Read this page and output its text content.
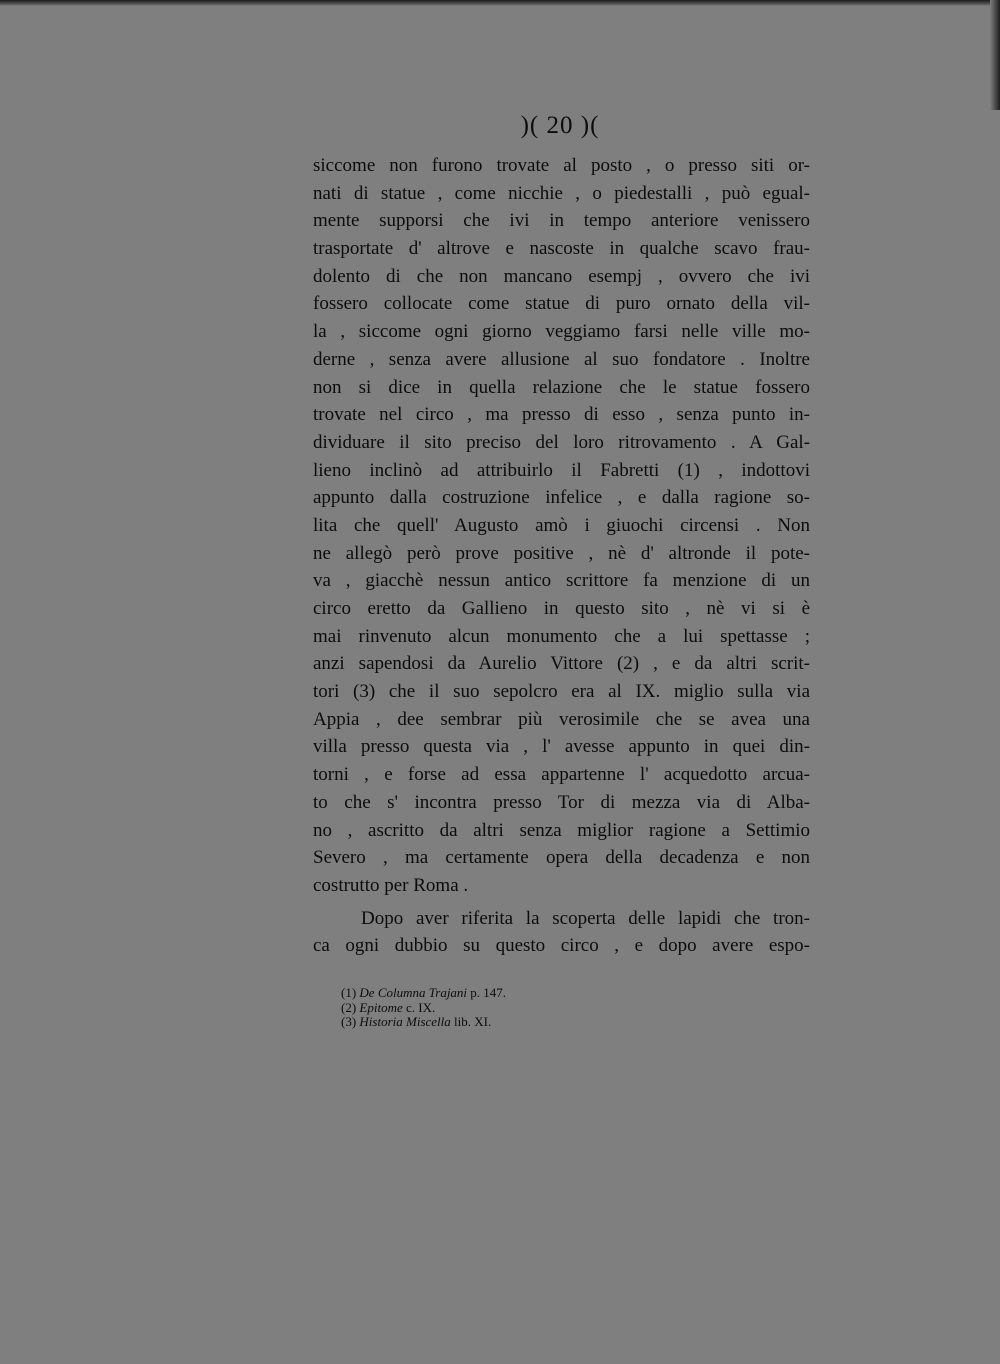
)( 20 )(
siccome non furono trovate al posto , o presso siti or-
nati di statue , come nicchie , o piedestalli , può egual-
mente supporsi che ivi in tempo anteriore venissero
trasportate d' altrove e nascoste in qualche scavo frau-
dolento di che non mancano esempj , ovvero che ivi
fossero collocate come statue di puro ornato della vil-
la , siccome ogni giorno veggiamo farsi nelle ville mo-
derne , senza avere allusione al suo fondatore . Inoltre
non si dice in quella relazione che le statue fossero
trovate nel circo , ma presso di esso , senza punto in-
dividuare il sito preciso del loro ritrovamento . A Gal-
lieno inclinò ad attribuirlo il Fabretti (1) , indottovi
appunto dalla costruzione infelice , e dalla ragione so-
lita che quell' Augusto amò i giuochi circensi . Non
ne allegò però prove positive , nè d' altronde il pote-
va , giacchè nessun antico scrittore fa menzione di un
circo eretto da Gallieno in questo sito , nè vi si è
mai rinvenuto alcun monumento che a lui spettasse ;
anzi sapendosi da Aurelio Vittore (2) , e da altri scrit-
tori (3) che il suo sepolcro era al IX. miglio sulla via
Appia , dee sembrar più verosimile che se avea una
villa presso questa via , l' avesse appunto in quei din-
torni , e forse ad essa appartenne l' acquedotto arcua-
to che s' incontra presso Tor di mezza via di Alba-
no , ascritto da altri senza miglior ragione a Settimio
Severo , ma certamente opera della decadenza e non
costrutto per Roma .
Dopo aver riferita la scoperta delle lapidi che tron-
ca ogni dubbio su questo circo , e dopo avere espo-
(1) De Columna Trajani p. 147.
(2) Epitome c. IX.
(3) Historia Miscella lib. XI.
